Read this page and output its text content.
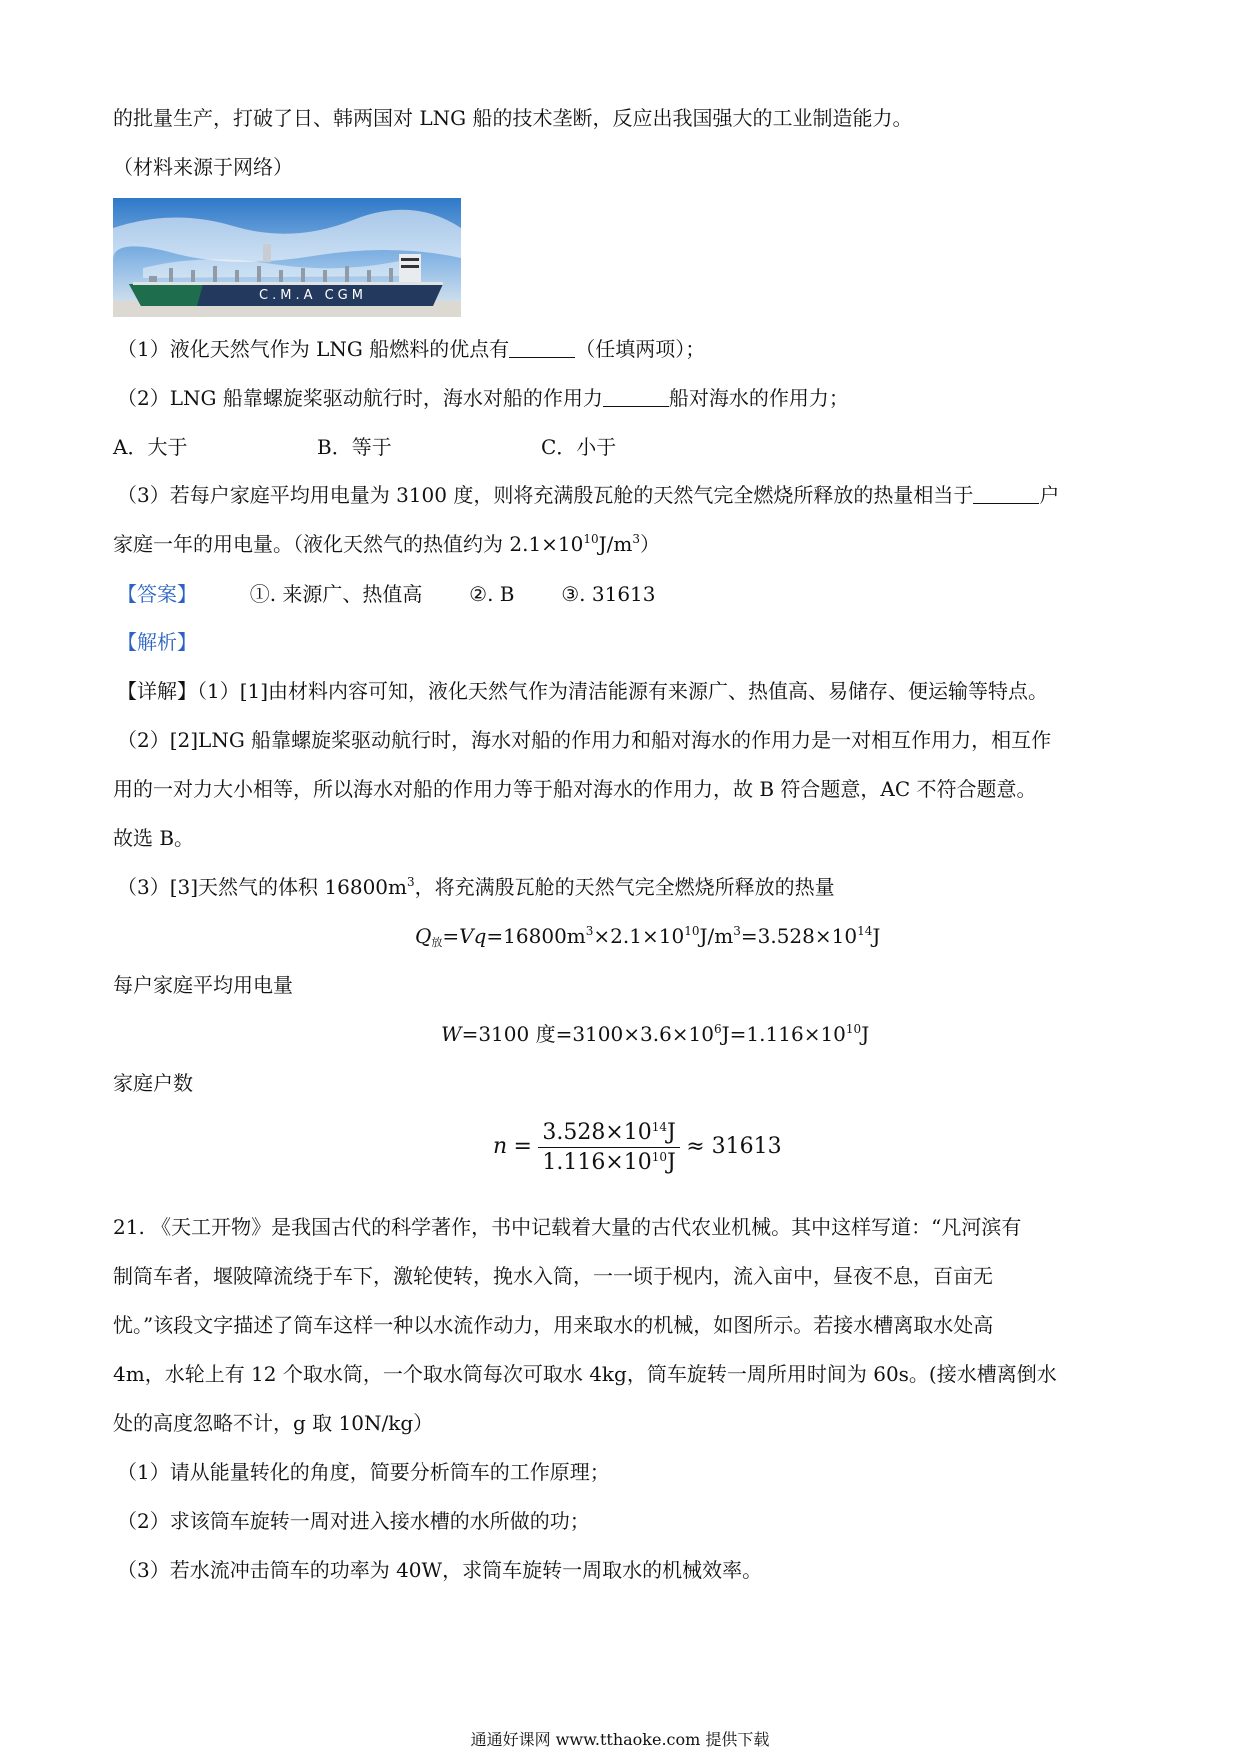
的批量生产，打破了日、韩两国对 LNG 船的技术垄断，反应出我国强大的工业制造能力。
（材料来源于网络）
C.M.A CGM
（1）液化天然气作为 LNG 船燃料的优点有	（任填两项）；
（2）LNG 船靠螺旋桨驱动航行时，海水对船的作用力	船对海水的作用力；
A．大于	B．等于	C．小于
（3）若每户家庭平均用电量为 3100 度，则将充满殷瓦舱的天然气完全燃烧所释放的热量相当于	户
家庭一年的用电量。（液化天然气的热值约为 $2.1\times 10^{10}J/m^3$）
【答案】	①. 来源广、热值高 ②. B ③. 31613
【解析】
【详解】（1）[1]由材料内容可知，液化天然气作为清洁能源有来源广、热值高、易储存、便运输等特点。
（2）[2]LNG 船靠螺旋桨驱动航行时，海水对船的作用力和船对海水的作用力是一对相互作用力，相互作
用的一对力大小相等，所以海水对船的作用力等于船对海水的作用力，故 B 符合题意，AC 不符合题意。
故选 B。
（3）[3]天然气的体积 $16800m^3$，将充满殷瓦舱的天然气完全燃烧所释放的热量
$Q_放=Vq=16800m^3\times 2.1\times 10^{10}J/m^3=3.528\times 10^{14}J$
每户家庭平均用电量
W=3100 度$=3100\times 3.6\times 10^6J=1.116\times 10^{10}J$
家庭户数
$n = \frac{3.528\times 10^{14}J}{1.116\times 10^{10}J} \approx 31613$
21. 《天工开物》是我国古代的科学著作，书中记载着大量的古代农业机械。其中这样写道：“凡河滨有
制筒车者，堰陂障流绕于车下，激轮使转，挽水入筒，一一顷于枧内，流入亩中，昼夜不息，百亩无
忧。”该段文字描述了筒车这样一种以水流作动力，用来取水的机械，如图所示。若接水槽离取水处高
4m，水轮上有 12 个取水筒，一个取水筒每次可取水 4kg，筒车旋转一周所用时间为 60s。(接水槽离倒水
处的高度忽略不计，g 取 10N/kg）
（1）请从能量转化的角度，简要分析筒车的工作原理；
（2）求该筒车旋转一周对进入接水槽的水所做的功；
（3）若水流冲击筒车的功率为 40W，求筒车旋转一周取水的机械效率。
通通好课网 www.tthaoke.com 提供下载
